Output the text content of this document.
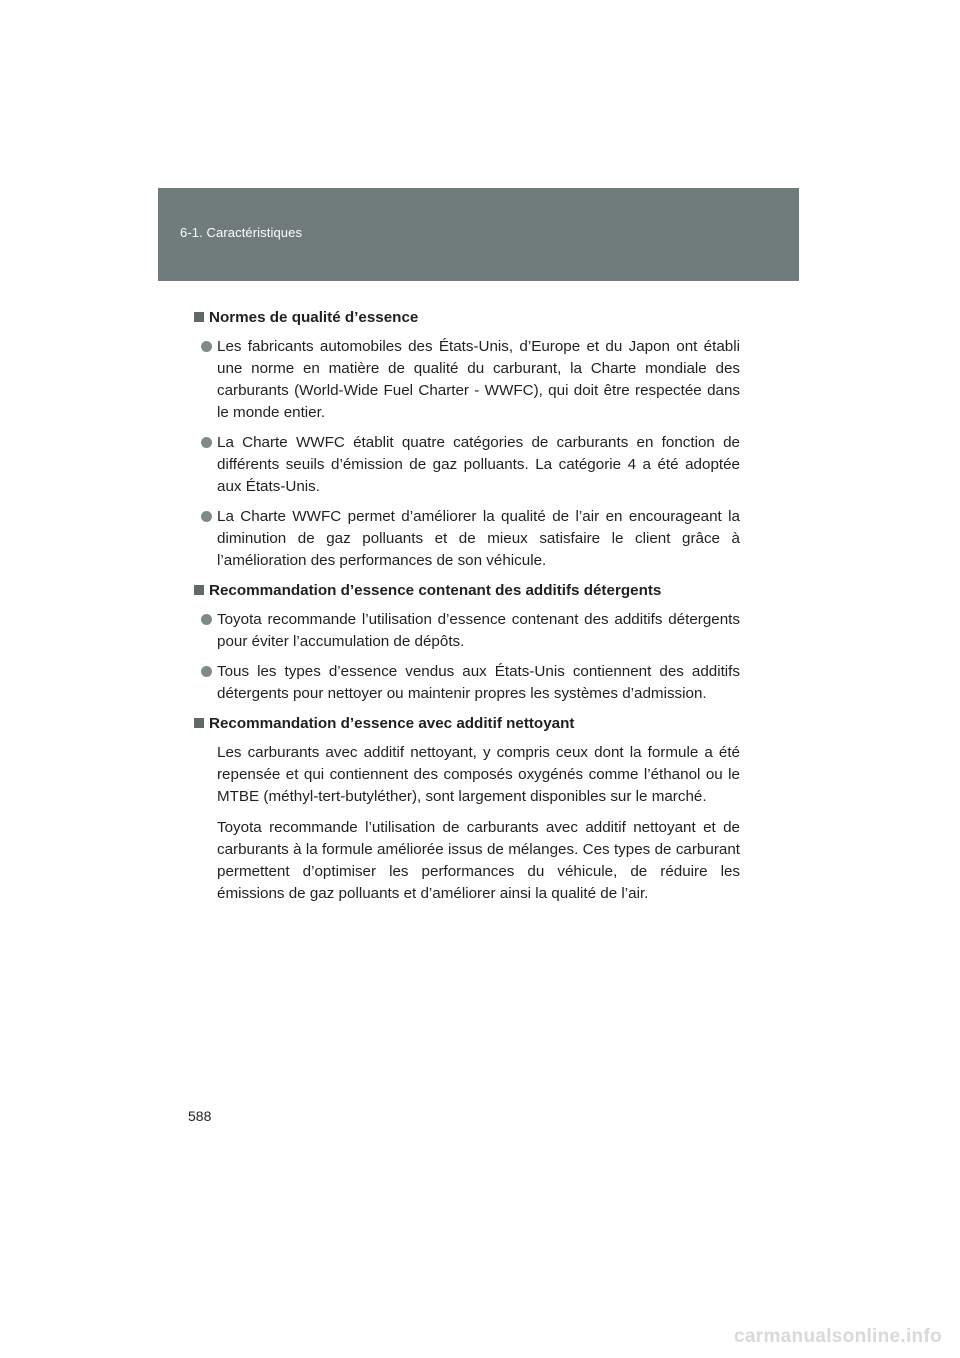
6-1. Caractéristiques
Normes de qualité d’essence
Les fabricants automobiles des États-Unis, d’Europe et du Japon ont établi une norme en matière de qualité du carburant, la Charte mondiale des carburants (World-Wide Fuel Charter - WWFC), qui doit être respectée dans le monde entier.
La Charte WWFC établit quatre catégories de carburants en fonction de différents seuils d’émission de gaz polluants. La catégorie 4 a été adoptée aux États-Unis.
La Charte WWFC permet d’améliorer la qualité de l’air en encourageant la diminution de gaz polluants et de mieux satisfaire le client grâce à l’amélioration des performances de son véhicule.
Recommandation d’essence contenant des additifs détergents
Toyota recommande l’utilisation d’essence contenant des additifs détergents pour éviter l’accumulation de dépôts.
Tous les types d’essence vendus aux États-Unis contiennent des additifs détergents pour nettoyer ou maintenir propres les systèmes d’admission.
Recommandation d’essence avec additif nettoyant
Les carburants avec additif nettoyant, y compris ceux dont la formule a été repensée et qui contiennent des composés oxygénés comme l’éthanol ou le MTBE (méthyl-tert-butyléther), sont largement disponibles sur le marché.
Toyota recommande l’utilisation de carburants avec additif nettoyant et de carburants à la formule améliorée issus de mélanges. Ces types de carburant permettent d’optimiser les performances du véhicule, de réduire les émissions de gaz polluants et d’améliorer ainsi la qualité de l’air.
588
carmanualsonline.info
